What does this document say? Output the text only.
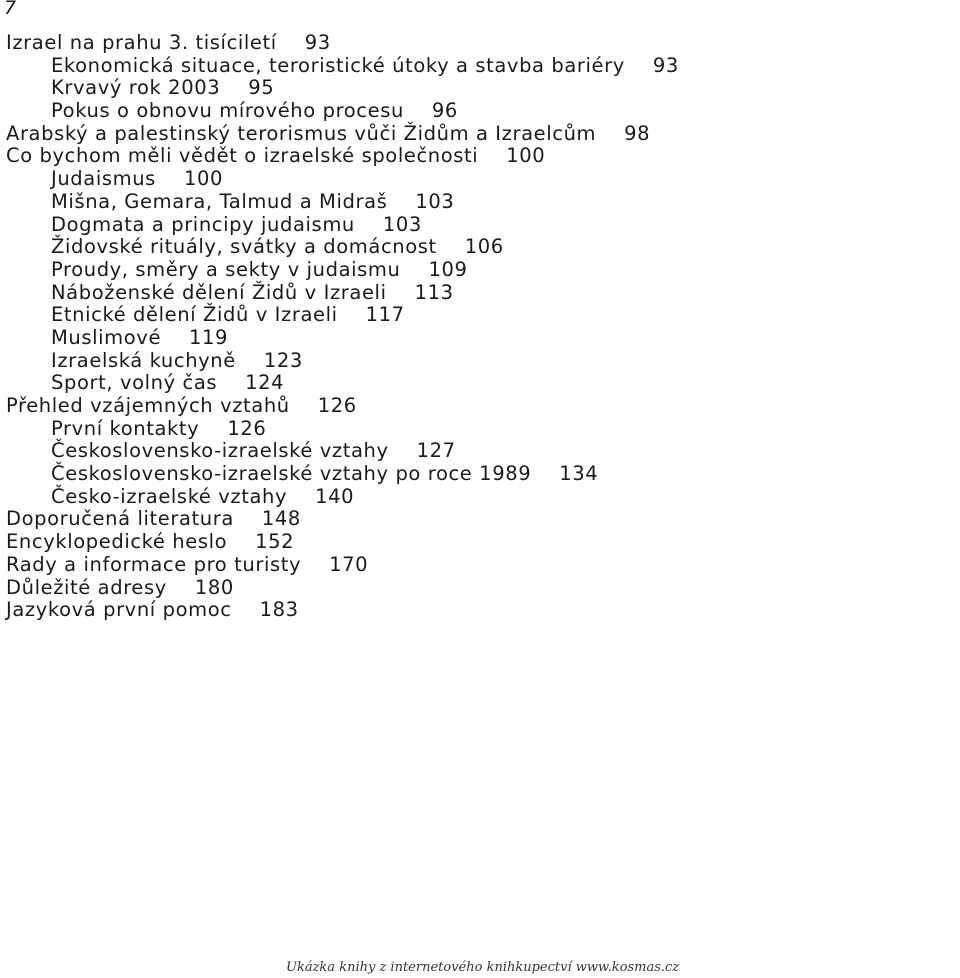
7
Izrael na prahu 3. tisíciletí 93
Ekonomická situace, teroristické útoky a stavba bariéry 93
Krvavý rok 2003 95
Pokus o obnovu mírového procesu 96
Arabský a palestinský terorismus vůči Židům a Izraelcům 98
Co bychom měli vědět o izraelské společnosti 100
Judaismus 100
Mišna, Gemara, Talmud a Midraš 103
Dogmata a principy judaismu 103
Židovské rituály, svátky a domácnost 106
Proudy, směry a sekty v judaismu 109
Náboženské dělení Židů v Izraeli 113
Etnické dělení Židů v Izraeli 117
Muslimové 119
Izraelská kuchyně 123
Sport, volný čas 124
Přehled vzájemných vztahů 126
První kontakty 126
Československo-izraelské vztahy 127
Československo-izraelské vztahy po roce 1989 134
Česko-izraelské vztahy 140
Doporučená literatura 148
Encyklopedické heslo 152
Rady a informace pro turisty 170
Důležité adresy 180
Jazyková první pomoc 183
Ukázka knihy z internetového knihkupectví www.kosmas.cz
